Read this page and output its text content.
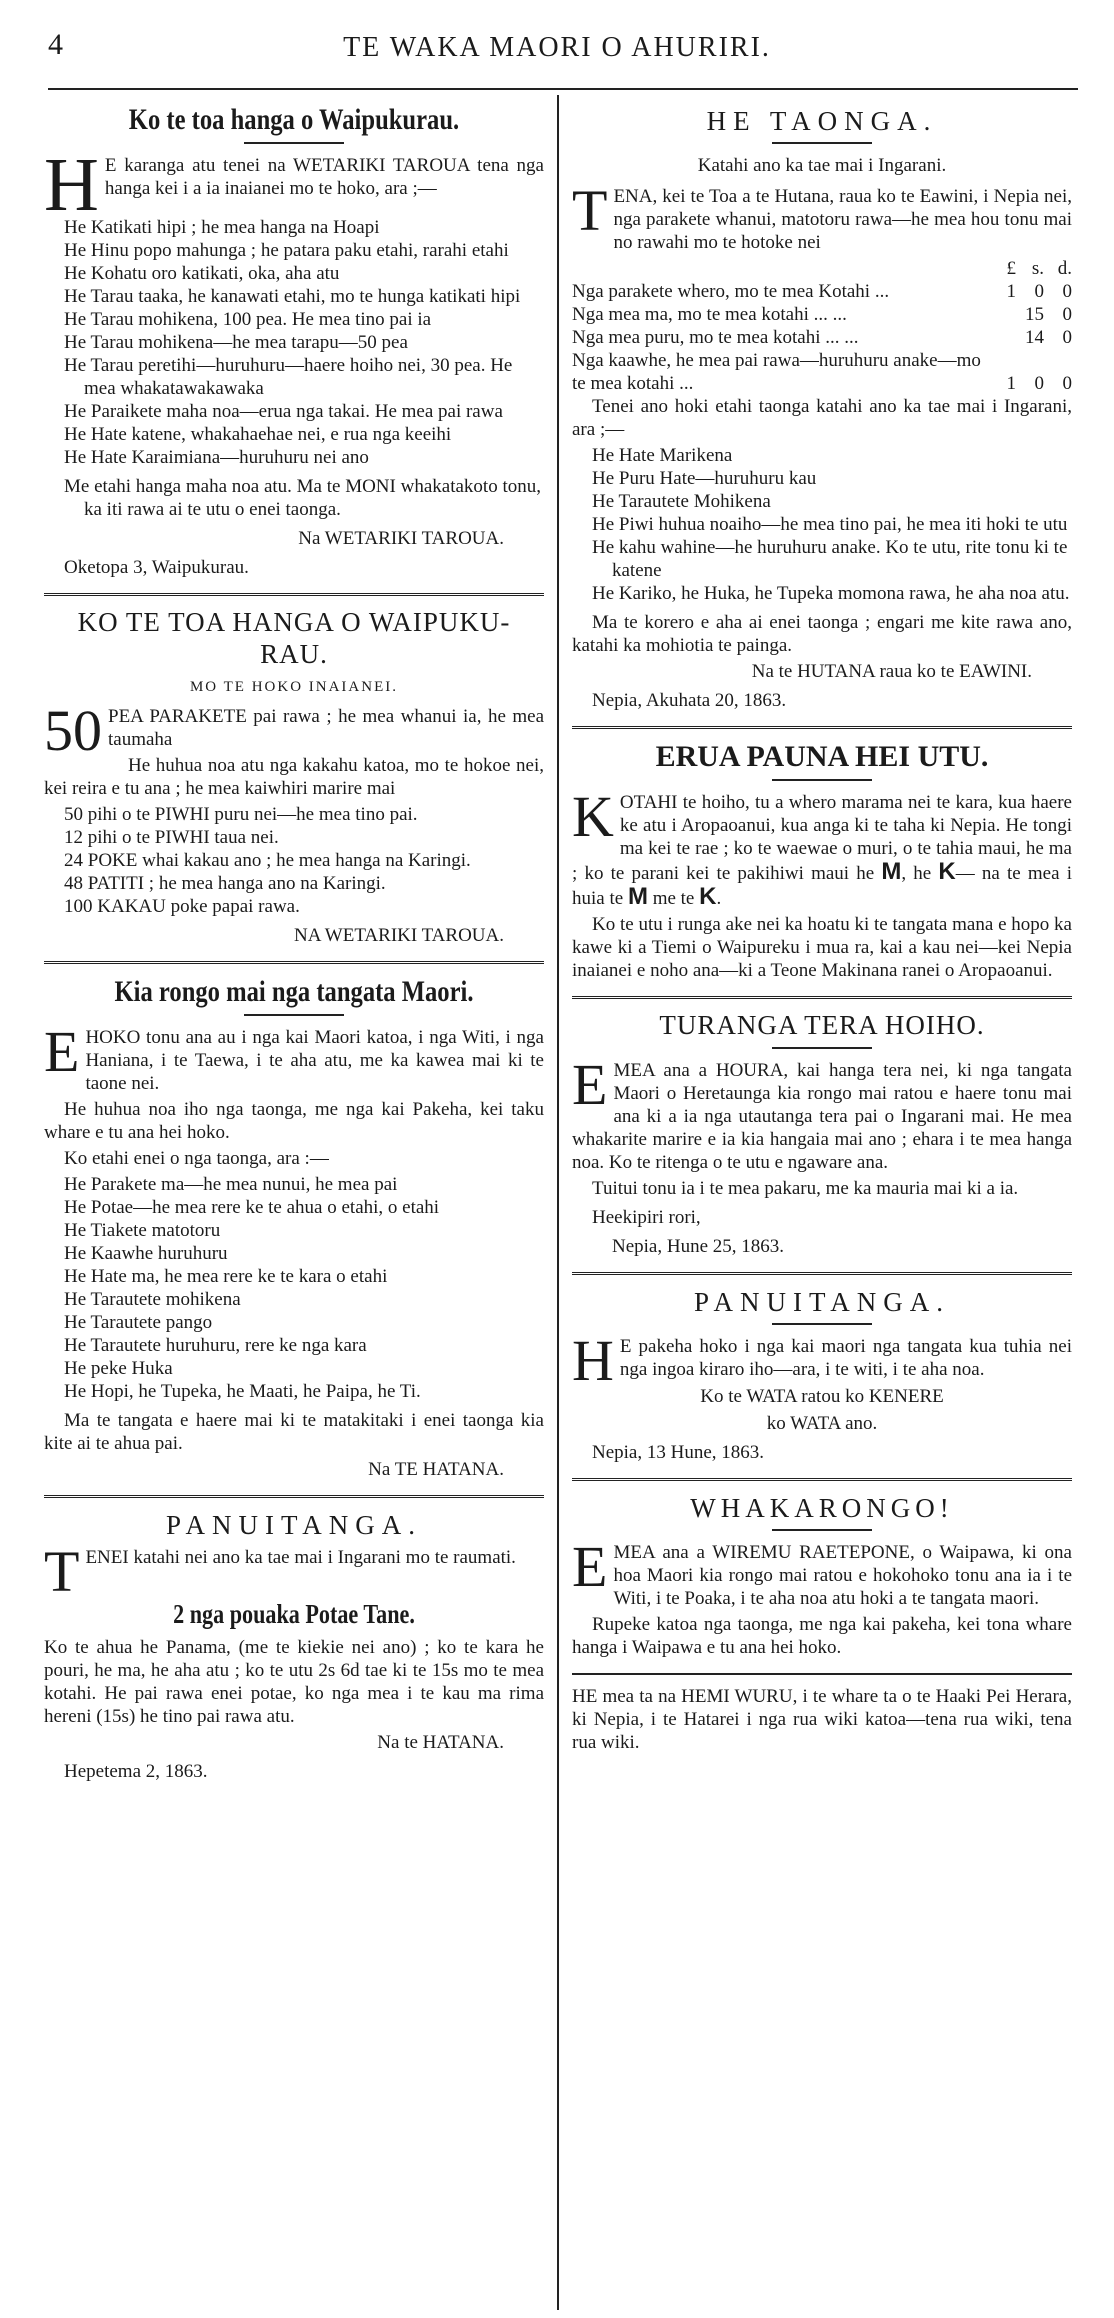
4	TE WAKA MAORI O AHURIRI.
Ko te toa hanga o Waipukurau.

H E karanga atu tenei na WETARIKI TAROUA tena nga hanga kei i a ia inaianei mo te hoko, ara ;—

He Katikati hipi ; he mea hanga na Hoapi
He Hinu popo mahunga ; he patara paku etahi, rarahi etahi
He Kohatu oro katikati, oka, aha atu
He Tarau taaka, he kanawati etahi, mo te hunga katikati hipi
He Tarau mohikena, 100 pea. He mea tino pai ia
He Tarau mohikena—he mea tarapu—50 pea
He Tarau peretihi—huruhuru—haere hoiho nei, 30 pea. He mea whakatawakawaka
He Paraikete maha noa—erua nga takai. He mea pai rawa
He Hate katene, whakahaehae nei, e rua nga keeihi
He Hate Karaimiana—huruhuru nei ano
Me etahi hanga maha noa atu. Ma te MONI whakatakoto tonu, ka iti rawa ai te utu o enei taonga.
Na WETARIKI TAROUA.
Oketopa 3, Waipukurau.
KO TE TOA HANGA O WAIPUKU- RAU.
MO TE HOKO INAIANEI.

50 PEA PARAKETE pai rawa ; he mea whanui ia, he mea taumaha

He huhua noa atu nga kakahu katoa, mo te hokoe nei, kei reira e tu ana ; he mea kaiwhiri marire mai

50 pihi o te PIWHI puru nei—he mea tino pai.
12 pihi o te PIWHI taua nei.
24 POKE whai kakau ano ; he mea hanga na Karingi.
48 PATITI ; he mea hanga ano na Karingi.
100 KAKAU poke papai rawa.
NA WETARIKI TAROUA.
Kia rongo mai nga tangata Maori.

EHOKO tonu ana au i nga kai Maori katoa, i nga Witi, i nga Haniana, i te Taewa, i te aha atu, me ka kawea mai ki te taone nei.

He huhua noa iho nga taonga, me nga kai Pakeha, kei taku whare e tu ana hei hoko.

Ko etahi enei o nga taonga, ara :—

He Parakete ma—he mea nunui, he mea pai
He Potae—he mea rere ke te ahua o etahi, o etahi
He Tiakete matotoru
He Kaawhe huruhuru
He Hate ma, he mea rere ke te kara o etahi
He Tarautete mohikena
He Tarautete pango
He Tarautete huruhuru, rere ke nga kara
He peke Huka
He Hopi, he Tupeka, he Maati, he Paipa, he Ti.

Ma te tangata e haere mai ki te matakitaki i enei taonga kia kite ai te ahua pai.

Na TE HATANA.
PANUITANGA.

TENEI katahi nei ano ka tae mai i Ingarani mo te raumati.

2 nga pouaka Potae Tane.

Ko te ahua he Panama, (me te kiekie nei ano) ; ko te kara he pouri, he ma, he aha atu ; ko te utu 2s 6d tae ki te 15s mo te mea kotahi. He pai rawa enei potae, ko nga mea i te kau ma rima hereni (15s) he tino pai rawa atu.

Na te HATANA.
Hepetema 2, 1863.
HE TAONGA.
Katahi ano ka tae mai i Ingarani.

TENA, kei te Toa a te Hutana, raua ko te Eawini, i Nepia nei, nga parakete whanui, matotoru rawa—he mea hou tonu mai no rawahi mo te hotoke nei

	£	s.	d.
Nga parakete whero, mo te mea Kotahi ...	1	0	0
Nga mea ma, mo te mea kotahi ... ...		15	0
Nga mea puru, mo te mea kotahi ... ...		14	0
Nga kaawhe, he mea pai rawa—huruhuru anake—mo te mea kotahi ...	1	0	0

Tenei ano hoki etahi taonga katahi ano ka tae mai i Ingarani, ara ;—

He Hate Marikena
He Puru Hate—huruhuru kau
He Tarautete Mohikena
He Piwi huhua noaiho—he mea tino pai, he mea iti hoki te utu
He kahu wahine—he huruhuru anake. Ko te utu, rite tonu ki te katene
He Kariko, he Huka, he Tupeka momona rawa, he aha noa atu.

Ma te korero e aha ai enei taonga ; engari me kite rawa ano, katahi ka mohiotia te painga.

Na te HUTANA raua ko te EAWINI.
Nepia, Akuhata 20, 1863.
ERUA PAUNA HEI UTU.

KOTAHI te hoiho, tu a whero marama nei te kara, kua haere ke atu i Aropaoanui, kua anga ki te taha ki Nepia. He tongi ma kei te rae ; ko te waewae o muri, o te tahia maui, he ma ; ko te parani kei te pakihiwi maui he M, he K— na te mea i huia te M me te K.

Ko te utu i runga ake nei ka hoatu ki te tangata mana e hopo ka kawe ki a Tiemi o Waipureku i mua ra, kai a kau nei—kei Nepia inaianei e noho ana—ki a Teone Makinana ranei o Aropaoanui.

TURANGA TERA HOIHO.

EMEA ana a HOURA, kai hanga tera nei, ki nga tangata Maori o Heretaunga kia rongo mai ratou e haere tonu mai ana ki a ia nga utautanga tera pai o Ingarani mai. He mea whakarite marire e ia kia hangaia mai ano ; ehara i te mea hanga noa. Ko te ritenga o te utu e ngaware ana.

Tuitui tonu ia i te mea pakaru, me ka mauria mai ki a ia.

Heekipiri rori,
Nepia, Hune 25, 1863.
PANUITANGA.

H E pakeha hoko i nga kai maori nga tangata kua tuhia nei nga ingoa kiraro iho—ara, i te witi, i te aha noa.

Ko te WATA ratou ko KENERE
ko WATA ano.
Nepia, 13 Hune, 1863.
WHAKARONGO!

EMEA ana a WIREMU RAETEPONE, o Waipawa, ki ona hoa Maori kia rongo mai ratou e hokohoko tonu ana ia i te Witi, i te Poaka, i te aha noa atu hoki a te tangata maori.

Rupeke katoa nga taonga, me nga kai pakeha, kei tona whare hanga i Waipawa e tu ana hei hoko.

HE mea ta na HEMI WURU, i te whare ta o te Haaki Pei Herara, ki Nepia, i te Hatarei i nga rua wiki katoa—tena rua wiki, tena rua wiki.
